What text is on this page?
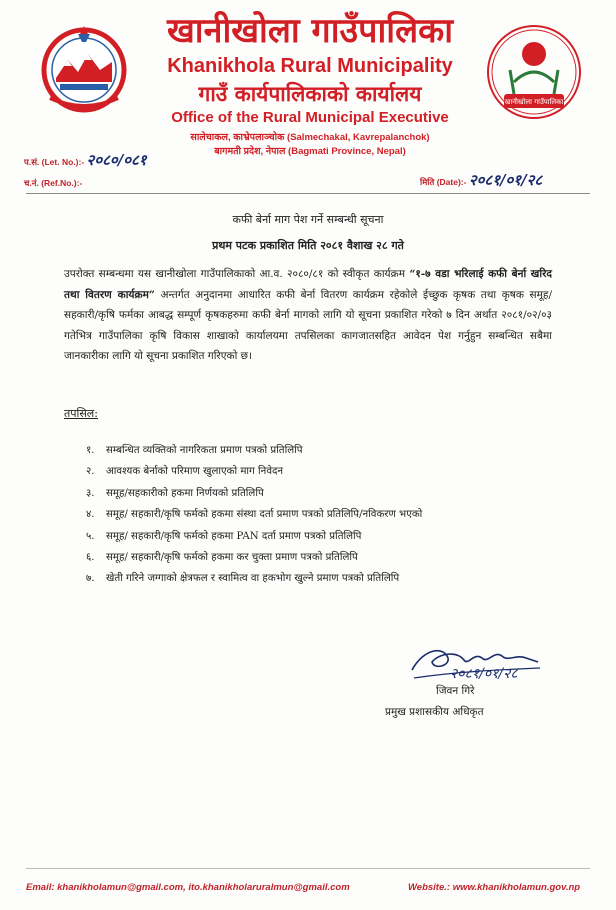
खानीखोला गाउँपालिका
खानीखोला गाउँपालिका
Khanikhola Rural Municipality
गाउँ कार्यपालिकाको कार्यालय
Office of the Rural Municipal Executive
सालेचाकल, काभ्रेपलाञ्चोक (Salmechakal, Kavrepalanchok)
बागमती प्रदेश, नेपाल (Bagmati Province, Nepal)
प.सं. (Let. No.):- २०८०/०८१
च.नं. (Ref.No.):-	मिति (Date):- २०८१/०१/२८
कफी बेर्ना माग पेश गर्ने सम्बन्धी सूचना
प्रथम पटक प्रकाशित मिति २०८१ वैशाख २८ गते
उपरोक्त सम्बन्धमा यस खानीखोला गाउँपालिकाको आ.व. २०८०/८१ को स्वीकृत कार्यक्रम “१-७ वडा भरिलाई कफी बेर्ना खरिद तथा वितरण कार्यक्रम” अन्तर्गत अनुदानमा आधारित कफी बेर्ना वितरण कार्यक्रम रहेकोले ईच्छुक कृषक तथा कृषक समूह/ सहकारी/कृषि फर्मका आबद्ध सम्पूर्ण कृषकहरुमा कफी बेर्ना मागको लागि यो सूचना प्रकाशित गरेको ७ दिन अर्थात २०८१/०२/०३ गतेभित्र गाउँपालिका कृषि विकास शाखाको कार्यालयमा तपसिलका कागजातसहित आवेदन पेश गर्नुहुन सम्बन्धित सबैमा जानकारीका लागि यो सूचना प्रकाशित गरिएको छ।
तपसिल:
१. सम्बन्धित व्यक्तिको नागरिकता प्रमाण पत्रको प्रतिलिपि
२. आवश्यक बेर्नाको परिमाण खुलाएको माग निवेदन
३. समूह/सहकारीको हकमा निर्णयको प्रतिलिपि
४. समूह/ सहकारी/कृषि फर्मको हकमा संस्था दर्ता प्रमाण पत्रको प्रतिलिपि/नविकरण भएको
५. समूह/ सहकारी/कृषि फर्मको हकमा PAN दर्ता प्रमाण पत्रको प्रतिलिपि
६. समूह/ सहकारी/कृषि फर्मको हकमा कर चुक्ता प्रमाण पत्रको प्रतिलिपि
७. खेती गरिने जग्गाको क्षेत्रफल र स्वामित्व वा हकभोग खुल्ने प्रमाण पत्रको प्रतिलिपि
२०८१/०१/२८
जिवन गिरे
प्रमुख प्रशासकीय अधिकृत
Email: khanikholamun@gmail.com, ito.khanikholaruralmun@gmail.com	Website.: www.khanikholamun.gov.np
